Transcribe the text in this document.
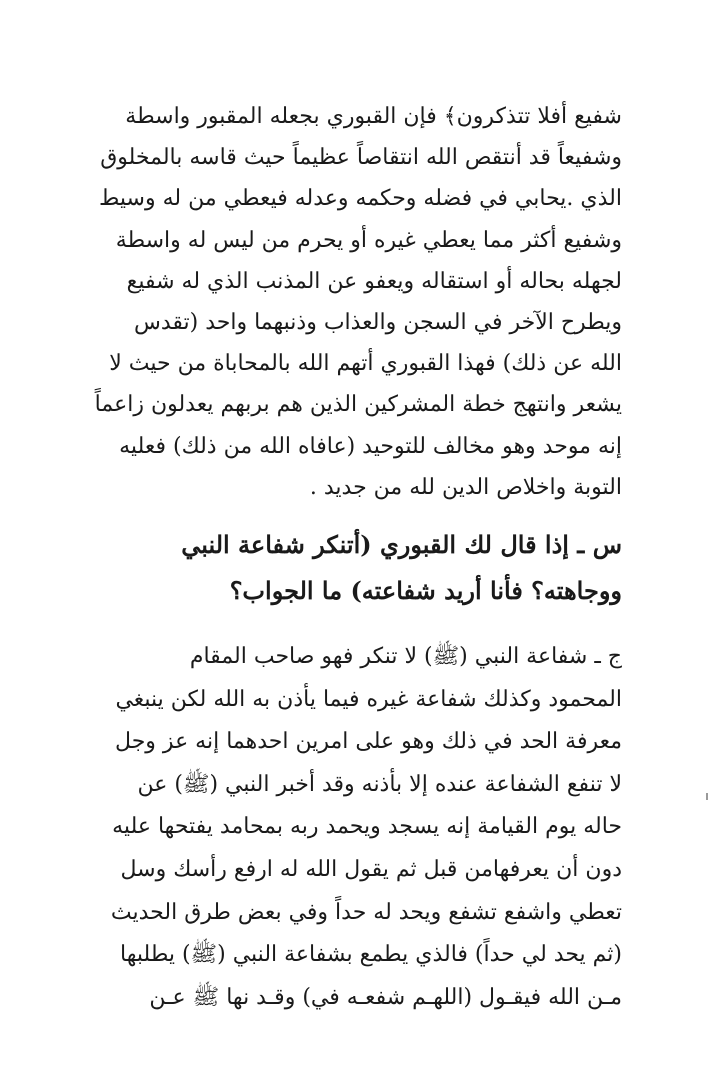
شفيع أفلا تتذكرون﴾ فإن القبوري بجعله المقبور واسطة
وشفيعاً قد أنتقص الله انتقاصاً عظيماً حيث قاسه بالمخلوق
الذي .يحابي في فضله وحكمه وعدله فيعطي من له وسيط
وشفيع أكثر مما يعطي غيره أو يحرم من ليس له واسطة
لجهله بحاله أو استقاله ويعفو عن المذنب الذي له شفيع
ويطرح الآخر في السجن والعذاب وذنبهما واحد (تقدس
الله عن ذلك) فهذا القبوري أتهم الله بالمحاباة من حيث لا
يشعر وانتهج خطة المشركين الذين هم بربهم يعدلون زاعماً
إنه موحد وهو مخالف للتوحيد (عافاه الله من ذلك) فعليه
التوبة واخلاص الدين لله من جديد .

س ـ إذا قال لك القبوري (أتنكر شفاعة النبي
ووجاهته؟ فأنا أريد شفاعته) ما الجواب؟

ج ـ شفاعة النبي (ﷺ) لا تنكر فهو صاحب المقام
المحمود وكذلك شفاعة غيره فيما يأذن به الله لكن ينبغي
معرفة الحد في ذلك وهو على امرين احدهما إنه عز وجل
لا تنفع الشفاعة عنده إلا بأذنه وقد أخبر النبي (ﷺ) عن
حاله يوم القيامة إنه يسجد ويحمد ربه بمحامد يفتحها عليه
دون أن يعرفهامن قبل ثم يقول الله له ارفع رأسك وسل
تعطي واشفع تشفع ويحد له حداً وفي بعض طرق الحديث
(ثم يحد لي حداً) فالذي يطمع بشفاعة النبي (ﷺ) يطلبها
مـن الله فيقـول (اللهـم شفعـه في) وقـد نها ﷺ عـن
